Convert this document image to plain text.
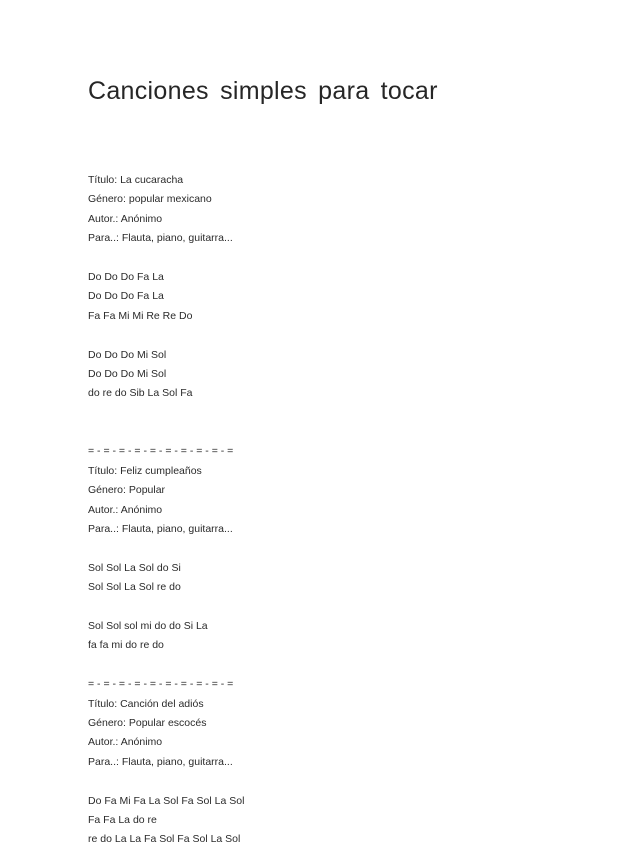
Canciones simples para tocar
Título: La cucaracha
Género: popular mexicano
Autor.: Anónimo
Para..: Flauta, piano, guitarra...
Do Do Do Fa La
Do Do Do Fa La
Fa Fa Mi Mi Re Re Do
Do Do Do Mi Sol
Do Do Do Mi Sol
do re do Sib La Sol Fa
= - = - = - = - = - = - = - = - = - =
Título: Feliz cumpleaños
Género: Popular
Autor.: Anónimo
Para..: Flauta, piano, guitarra...
Sol Sol La Sol do Si
Sol Sol La Sol re do
Sol Sol sol mi do do Si La
fa fa mi do re do
= - = - = - = - = - = - = - = - = - =
Título: Canción del adiós
Género: Popular escocés
Autor.: Anónimo
Para..: Flauta, piano, guitarra...
Do Fa Mi Fa La Sol Fa Sol La Sol
Fa Fa La do re
re do La La Fa Sol Fa Sol La Sol
